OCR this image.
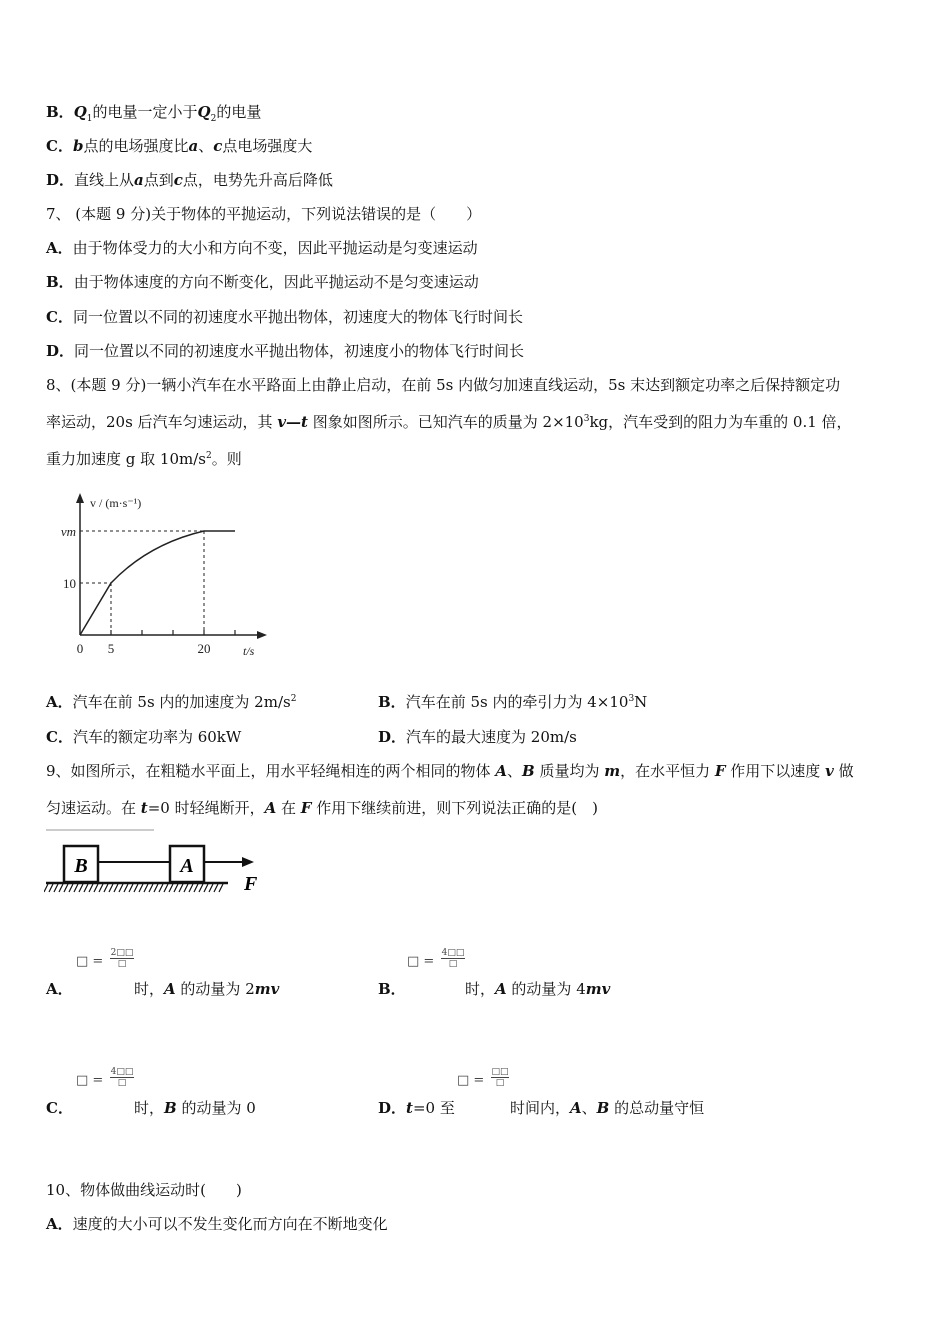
B．$Q_1$的电量一定小于$Q_2$的电量
C．b点的电场强度比a、c点电场强度大
D．直线上从a点到c点，电势先升高后降低
7、 (本题 9 分)关于物体的平抛运动，下列说法错误的是（　　）
A．由于物体受力的大小和方向不变，因此平抛运动是匀变速运动
B．由于物体速度的方向不断变化，因此平抛运动不是匀变速运动
C．同一位置以不同的初速度水平抛出物体，初速度大的物体飞行时间长
D．同一位置以不同的初速度水平抛出物体，初速度小的物体飞行时间长
8、(本题 9 分)一辆小汽车在水平路面上由静止启动，在前 5s 内做匀加速直线运动，5s 末达到额定功率之后保持额定功
率运动，20s 后汽车匀速运动，其 v—t 图象如图所示。已知汽车的质量为 $2\times 10^3kg$，汽车受到的阻力为车重的 0.1 倍，
重力加速度 g 取 $10m/s^2$。则
0 5	20
10
vm
v / (m·s⁻¹)
t/s
A．汽车在前 5s 内的加速度为 $2m/s^2$	B．汽车在前 5s 内的牵引力为 $4\times 10^3N$
C．汽车的额定功率为 60kW	D．汽车的最大速度为 20m/s
9、如图所示，在粗糙水平面上，用水平轻绳相连的两个相同的物体 A、B 质量均为 m，在水平恒力 F 作用下以速度 v 做
匀速运动。在 t=0 时轻绳断开，A 在 F 作用下继续前进，则下列说法正确的是(　)
B	A
F
□ =
2□□
□
A．	时，A 的动量为 2mv
□ =
4□□
□
B．	时，A 的动量为 4mv
□ =
4□□
□
C．	时，B 的动量为 0
□ =
□□
□
D．t=0 至	时间内，A、B 的总动量守恒
10、物体做曲线运动时(　　)
A．速度的大小可以不发生变化而方向在不断地变化
